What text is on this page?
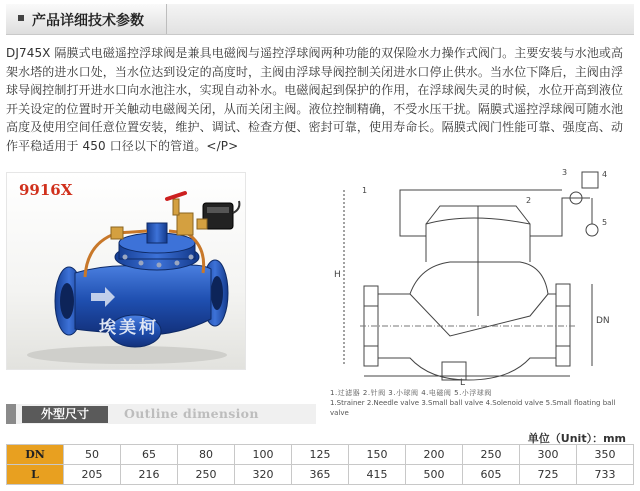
产品详细技术参数
DJ745X 隔膜式电磁遥控浮球阀是兼具电磁阀与遥控浮球阀两种功能的双保险水力操作式阀门。主要安装与水池或高架水塔的进水口处，当水位达到设定的高度时，主阀由浮球导阀控制关闭进水口停止供水。当水位下降后，主阀由浮球导阀控制打开进水口向水池注水，实现自动补水。电磁阀起到保护的作用，在浮球阀失灵的时候，水位开高到液位开关设定的位置时开关触动电磁阀关闭，从而关闭主阀。液位控制精确，不受水压干扰。隔膜式遥控浮球阀可随水池高度及使用空间任意位置安装，维护、调试、检查方便、密封可靠，使用寿命长。隔膜式阀门性能可靠、强度高、动作平稳适用于 450 口径以下的管道。</P>
9916X
埃美柯
H
DN
L
1
2
3	4
5
1.过滤器 2.针阀 3.小球阀 4.电磁阀 5.小浮球阀
1.Strainer 2.Needle valve 3.Small ball valve 4.Solenoid valve 5.Small floating ball valve
外型尺寸	Outline dimension
单位（Unit）：mm
DN	50	65	80	100	125	150	200	250	300	350
L	205	216	250	320	365	415	500	605	725	733
